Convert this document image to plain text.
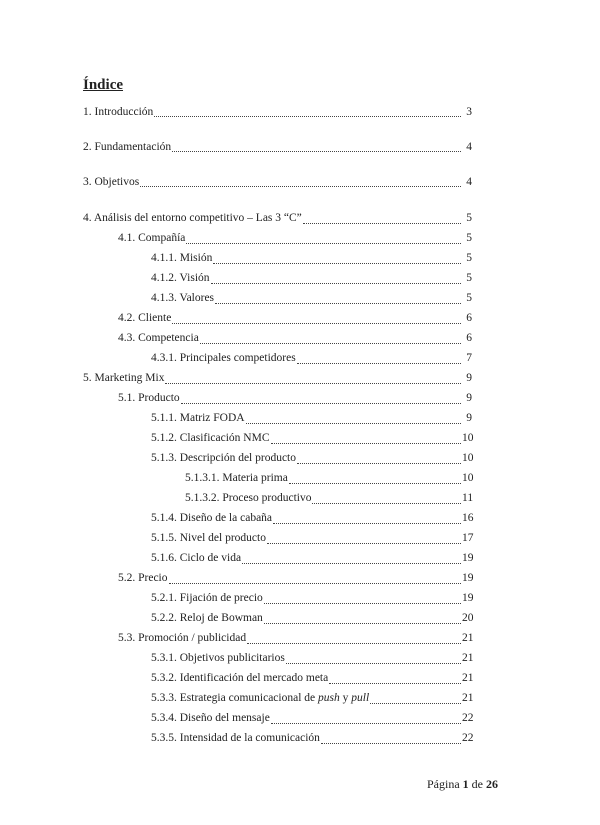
Índice
1. Introducción	3
2. Fundamentación	4
3. Objetivos	4
4. Análisis del entorno competitivo – Las 3 “C”	5
4.1. Compañía	5
4.1.1. Misión	5
4.1.2. Visión	5
4.1.3. Valores	5
4.2. Cliente	6
4.3. Competencia	6
4.3.1. Principales competidores	7
5. Marketing Mix	9
5.1. Producto	9
5.1.1. Matriz FODA	9
5.1.2. Clasificación NMC	10
5.1.3. Descripción del producto	10
5.1.3.1. Materia prima	10
5.1.3.2. Proceso productivo	11
5.1.4. Diseño de la cabaña	16
5.1.5. Nivel del producto	17
5.1.6. Ciclo de vida	19
5.2. Precio	19
5.2.1. Fijación de precio	19
5.2.2. Reloj de Bowman	20
5.3. Promoción / publicidad	21
5.3.1. Objetivos publicitarios	21
5.3.2. Identificación del mercado meta	21
5.3.3. Estrategia comunicacional de push y pull	21
5.3.4. Diseño del mensaje	22
5.3.5. Intensidad de la comunicación	22
Página 1 de 26
